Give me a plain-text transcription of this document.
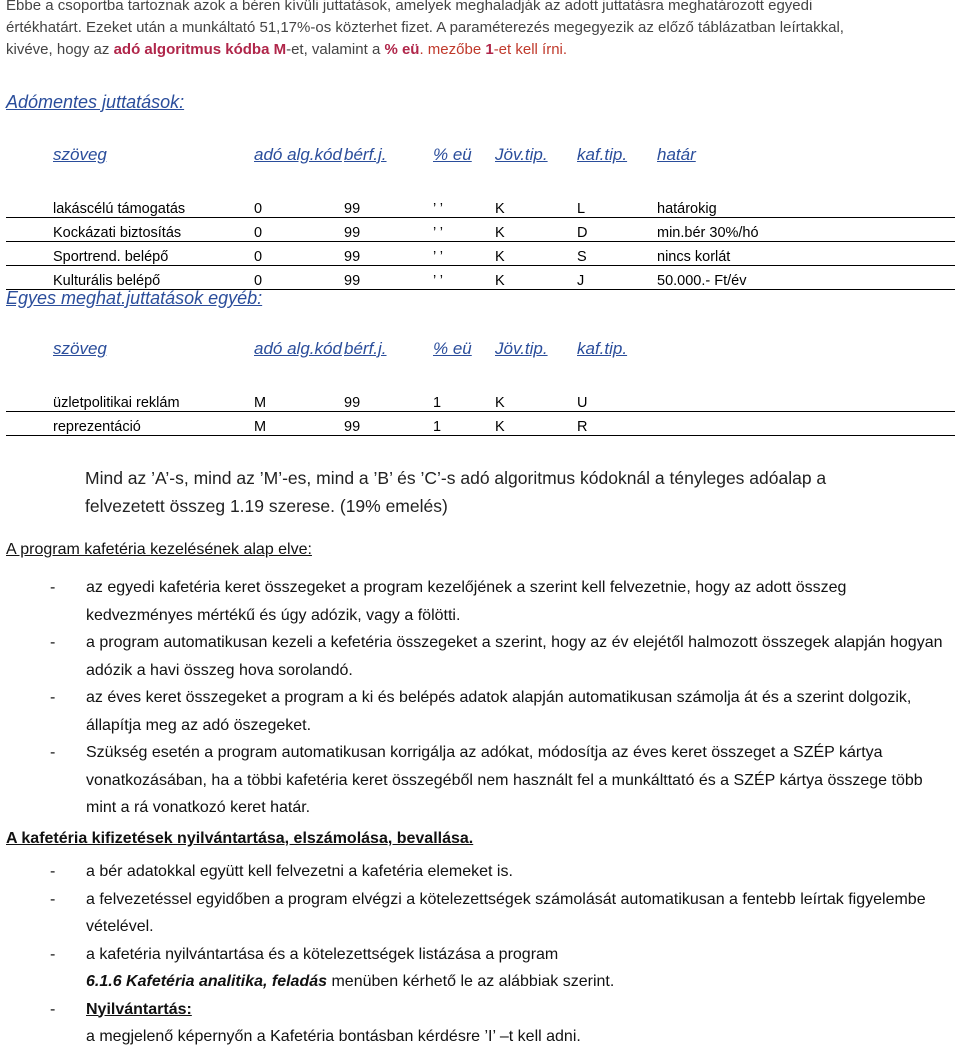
Ebbe a csoportba tartoznak azok a béren kívüli juttatások, amelyek meghaladják az adott juttatásra meghatározott egyedi

értékhatárt. Ezeket után a munkáltató 51,17%-os közterhet fizet. A paraméterezés megegyezik az előző táblázatban leírtakkal,

kivéve, hogy az adó algoritmus kódba M-et, valamint a % eü. mezőbe 1-et kell írni.

Adómentes juttatások:
	szöveg	adó alg.kód	bérf.j.	% eü	Jöv.tip.	kaf.tip.	határ
	lakáscélú támogatás	0	99	’ ’	K	L	határokig
	Kockázati biztosítás	0	99	’ ’	K	D	min.bér 30%/hó
	Sportrend. belépő	0	99	’ ’	K	S	nincs korlát
	Kulturális belépő	0	99	’ ’	K	J	50.000.- Ft/év
Egyes meghat.juttatások egyéb:
	szöveg	adó alg.kód	bérf.j.	% eü	Jöv.tip.	kaf.tip.	
	üzletpolitikai reklám	M	99	1	K	U	
	reprezentáció	M	99	1	K	R	
Mind az ’A’-s, mind az ’M’-es, mind a ’B’ és ’C’-s adó algoritmus kódoknál a tényleges adóalap a
felvezetett összeg 1.19 szerese. (19% emelés)
A program kafetéria kezelésének alap elve:
- az egyedi kafetéria keret összegeket a program kezelőjének a szerint kell felvezetnie, hogy az adott összeg kedvezményes mértékű és úgy adózik, vagy a fölötti.
- a program automatikusan kezeli a kefetéria összegeket a szerint, hogy az év elejétől halmozott összegek alapján hogyan adózik a havi összeg hova sorolandó.
- az éves keret összegeket a program a ki és belépés adatok alapján automatikusan számolja át és a szerint dolgozik, állapítja meg az adó öszegeket.
- Szükség esetén a program automatikusan korrigálja az adókat, módosítja az éves keret összeget a SZÉP kártya vonatkozásában, ha a többi kafetéria keret összegéből nem használt fel a munkálttató és a SZÉP kártya összege több mint a rá vonatkozó keret határ.
A kafetéria kifizetések nyilvántartása, elszámolása, bevallása.
- a bér adatokkal együtt kell felvezetni a kafetéria elemeket is.
- a felvezetéssel egyidőben a program elvégzi a kötelezettségek számolását automatikusan a fentebb leírtak figyelembe vételével.
- a kafetéria nyilvántartása és a kötelezettségek listázása a program
6.1.6 Kafetéria analitika, feladás menüben kérhető le az alábbiak szerint.
- Nyilvántartás:
a megjelenő képernyőn a Kafetéria bontásban kérdésre ’I’ –t kell adni.
